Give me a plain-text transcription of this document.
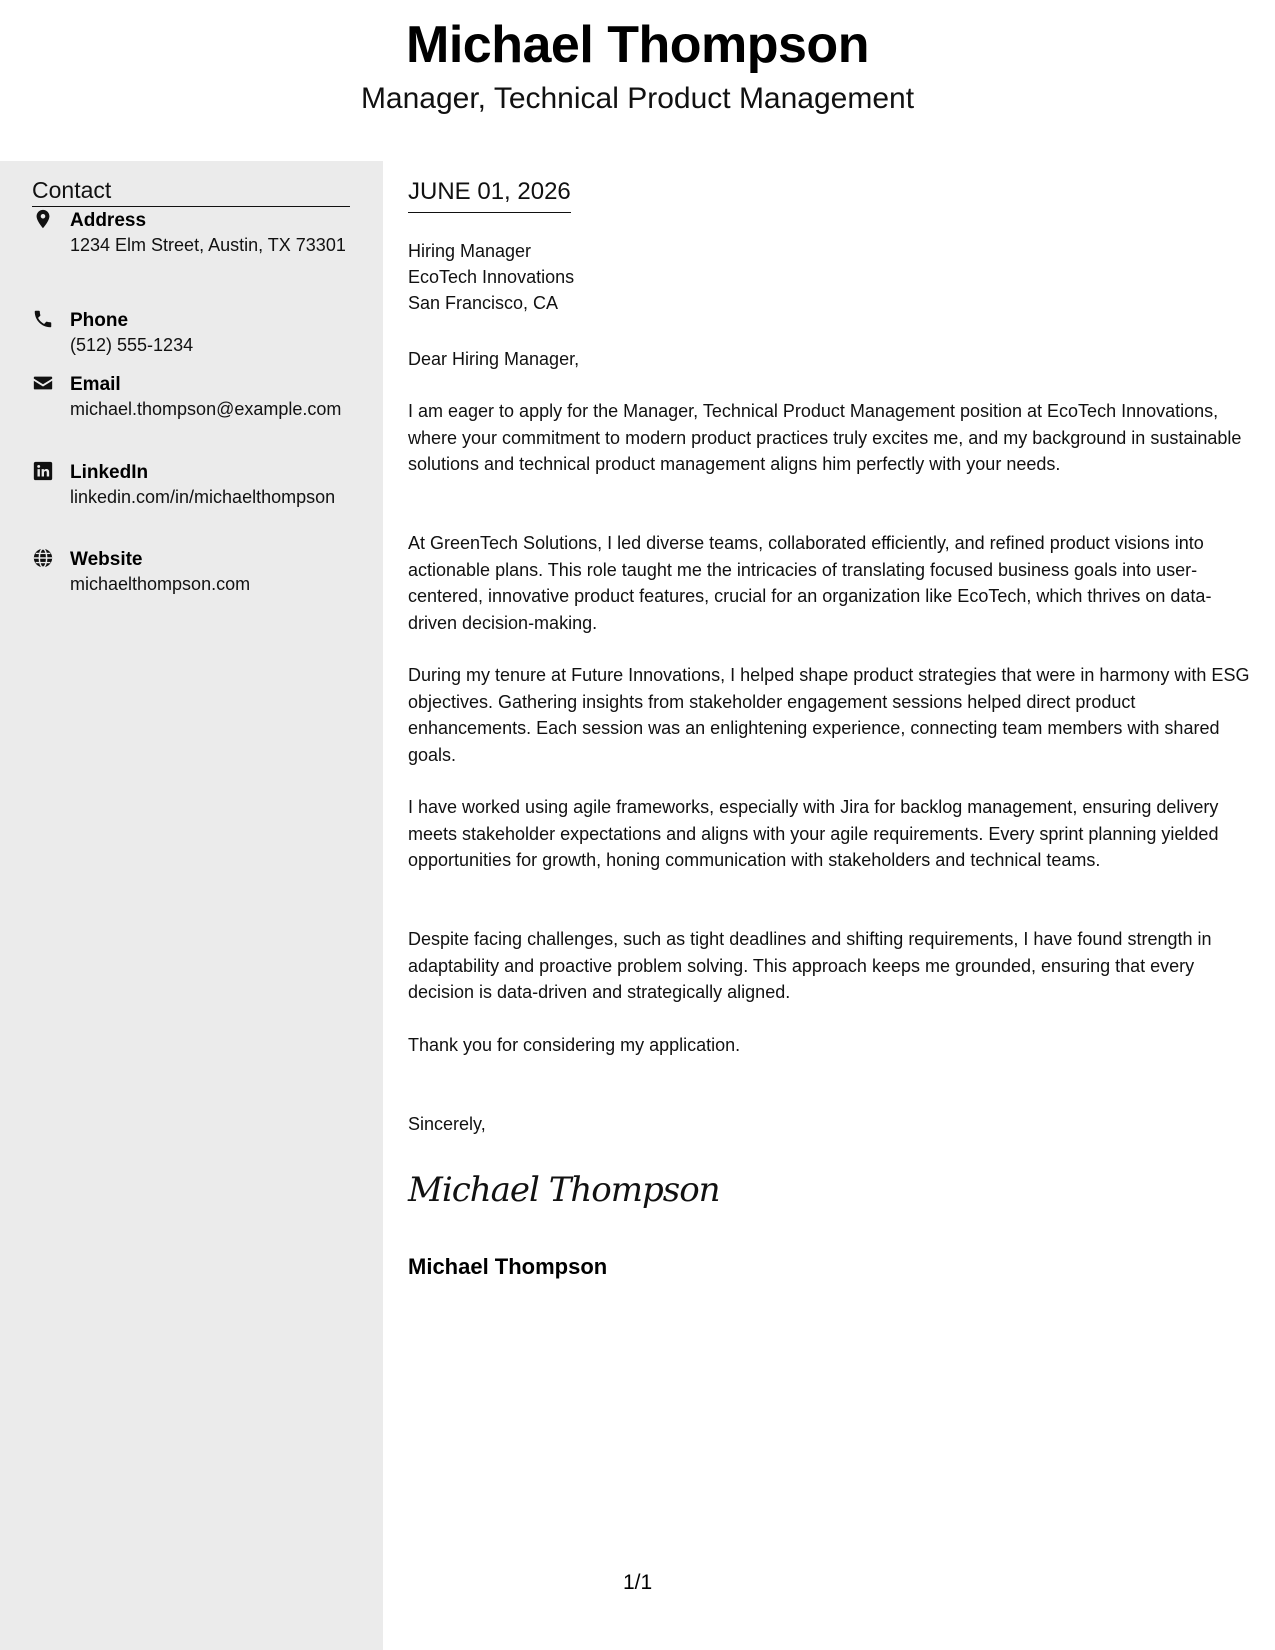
Michael Thompson
Manager, Technical Product Management
Contact
Address
1234 Elm Street, Austin, TX 73301
Phone
(512) 555-1234
Email
michael.thompson@example.com
LinkedIn
linkedin.com/in/michaelthompson
Website
michaelthompson.com
JUNE 01, 2026
Hiring Manager
EcoTech Innovations
San Francisco, CA

Dear Hiring Manager,

I am eager to apply for the Manager, Technical Product Management position at EcoTech Innovations, where your commitment to modern product practices truly excites me, and my background in sustainable solutions and technical product management aligns him perfectly with your needs.

At GreenTech Solutions, I led diverse teams, collaborated efficiently, and refined product visions into actionable plans. This role taught me the intricacies of translating focused business goals into user-centered, innovative product features, crucial for an organization like EcoTech, which thrives on data-driven decision-making.

During my tenure at Future Innovations, I helped shape product strategies that were in harmony with ESG objectives. Gathering insights from stakeholder engagement sessions helped direct product enhancements. Each session was an enlightening experience, connecting team members with shared goals.

I have worked using agile frameworks, especially with Jira for backlog management, ensuring delivery meets stakeholder expectations and aligns with your agile requirements. Every sprint planning yielded opportunities for growth, honing communication with stakeholders and technical teams.

Despite facing challenges, such as tight deadlines and shifting requirements, I have found strength in adaptability and proactive problem solving. This approach keeps me grounded, ensuring that every decision is data-driven and strategically aligned.

Thank you for considering my application.

Sincerely,

Michael Thompson
Michael Thompson
1/1
